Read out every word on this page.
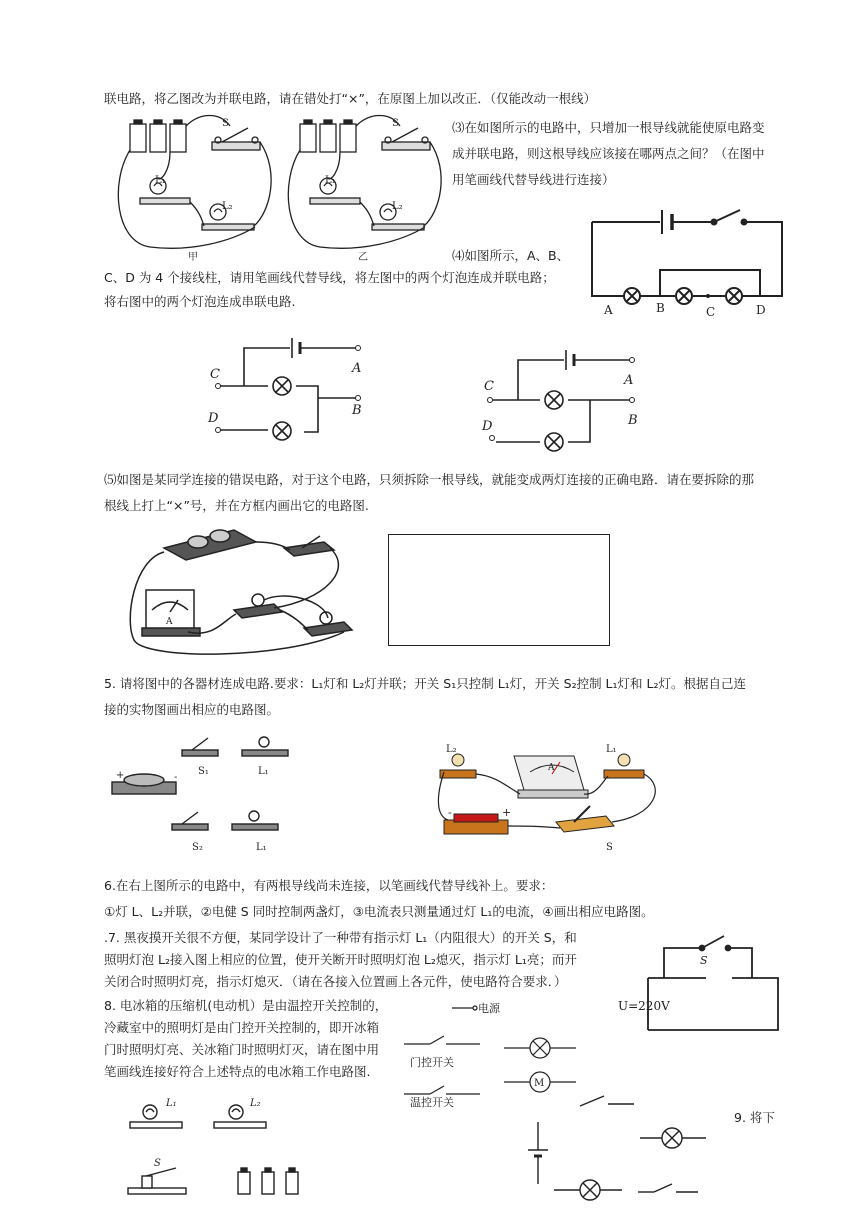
联电路，将乙图改为并联电路，请在错处打“×”，在原图上加以改正．（仅能改动一根线）
⑶在如图所示的电路中，只增加一根导线就能使原电路变
成并联电路，则这根导线应该接在哪两点之间？（在图中
用笔画线代替导线进行连接）
⑷如图所示，A、B、
C、D 为 4 个接线柱，请用笔画线代替导线，将左图中的两个灯泡连成并联电路；
将右图中的两个灯泡连成串联电路.
⑸如图是某同学连接的错误电路，对于这个电路，只须拆除一根导线，就能变成两灯连接的正确电路．请在要拆除的那
根线上打上“×”号，并在方框内画出它的电路图.
5. 请将图中的各器材连成电路.要求：L₁灯和 L₂灯并联；开关 S₁只控制 L₁灯，开关 S₂控制 L₁灯和 L₂灯。根据自己连
接的实物图画出相应的电路图。
6.在右上图所示的电路中，有两根导线尚未连接，以笔画线代替导线补上。要求：
①灯 L、L₂并联，②电健 S 同时控制两盏灯，③电流表只测量通过灯 L₁的电流，④画出相应电路图。
.7. 黑夜摸开关很不方便，某同学设计了一种带有指示灯 L₁（内阻很大）的开关 S，和
照明灯泡 L₂接入图上相应的位置，使开关断开时照明灯泡 L₂熄灭，指示灯 L₁亮；而开
关闭合时照明灯亮，指示灯熄灭．（请在各接入位置画上各元件，使电路符合要求．）
8. 电冰箱的压缩机(电动机）是由温控开关控制的，
冷藏室中的照明灯是由门控开关控制的，即开冰箱
门时照明灯亮、关冰箱门时照明灯灭，请在图中用
笔画线连接好符合上述特点的电冰箱工作电路图.
9. 将下
L₁
L₂
S
甲
L₁
L₂
S
乙
A	B	C	D
A
B
C
D
A
B
C
D
A
+	-
S₁	L₁
S₂	L₁
L₂	L₁
A
-	+
S
S
U=220V
M
电源
门控开关
温控开关
L₁	L₂
S
